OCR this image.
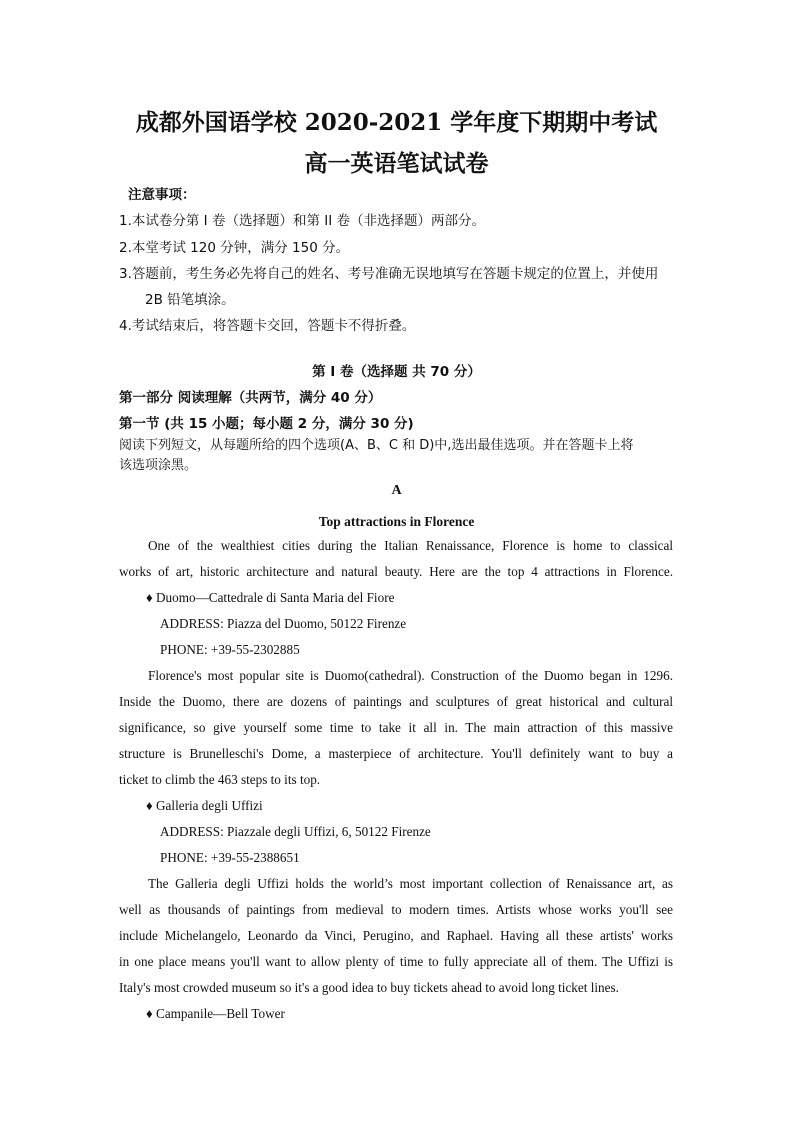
成都外国语学校 2020-2021 学年度下期期中考试
高一英语笔试试卷
注意事项：
1.本试卷分第 I 卷（选择题）和第 II 卷（非选择题）两部分。
2.本堂考试 120 分钟，满分 150 分。
3.答题前，考生务必先将自己的姓名、考号准确无误地填写在答题卡规定的位置上，并使用
2B 铅笔填涂。
4.考试结束后，将答题卡交回，答题卡不得折叠。
第 I 卷（选择题 共 70 分）
第一部分 阅读理解（共两节，满分 40 分）
第一节 (共 15 小题；每小题 2 分，满分 30 分)
阅读下列短文，从每题所给的四个选项(A、B、C 和 D)中,选出最佳选项。并在答题卡上将
该选项涂黑。
A
Top attractions in Florence
One of the wealthiest cities during the Italian Renaissance, Florence is home to classical
works of art, historic architecture and natural beauty. Here are the top 4 attractions in Florence.
♦ Duomo—Cattedrale di Santa Maria del Fiore
ADDRESS: Piazza del Duomo, 50122 Firenze
PHONE: +39-55-2302885
Florence's most popular site is Duomo(cathedral). Construction of the Duomo began in 1296.
Inside the Duomo, there are dozens of paintings and sculptures of great historical and cultural
significance, so give yourself some time to take it all in. The main attraction of this massive
structure is Brunelleschi's Dome, a masterpiece of architecture. You'll definitely want to buy a
ticket to climb the 463 steps to its top.
♦ Galleria degli Uffizi
ADDRESS: Piazzale degli Uffizi, 6, 50122 Firenze
PHONE: +39-55-2388651
The Galleria degli Uffizi holds the world’s most important collection of Renaissance art, as
well as thousands of paintings from medieval to modern times. Artists whose works you'll see
include Michelangelo, Leonardo da Vinci, Perugino, and Raphael. Having all these artists' works
in one place means you'll want to allow plenty of time to fully appreciate all of them. The Uffizi is
Italy's most crowded museum so it's a good idea to buy tickets ahead to avoid long ticket lines.
♦ Campanile—Bell Tower
